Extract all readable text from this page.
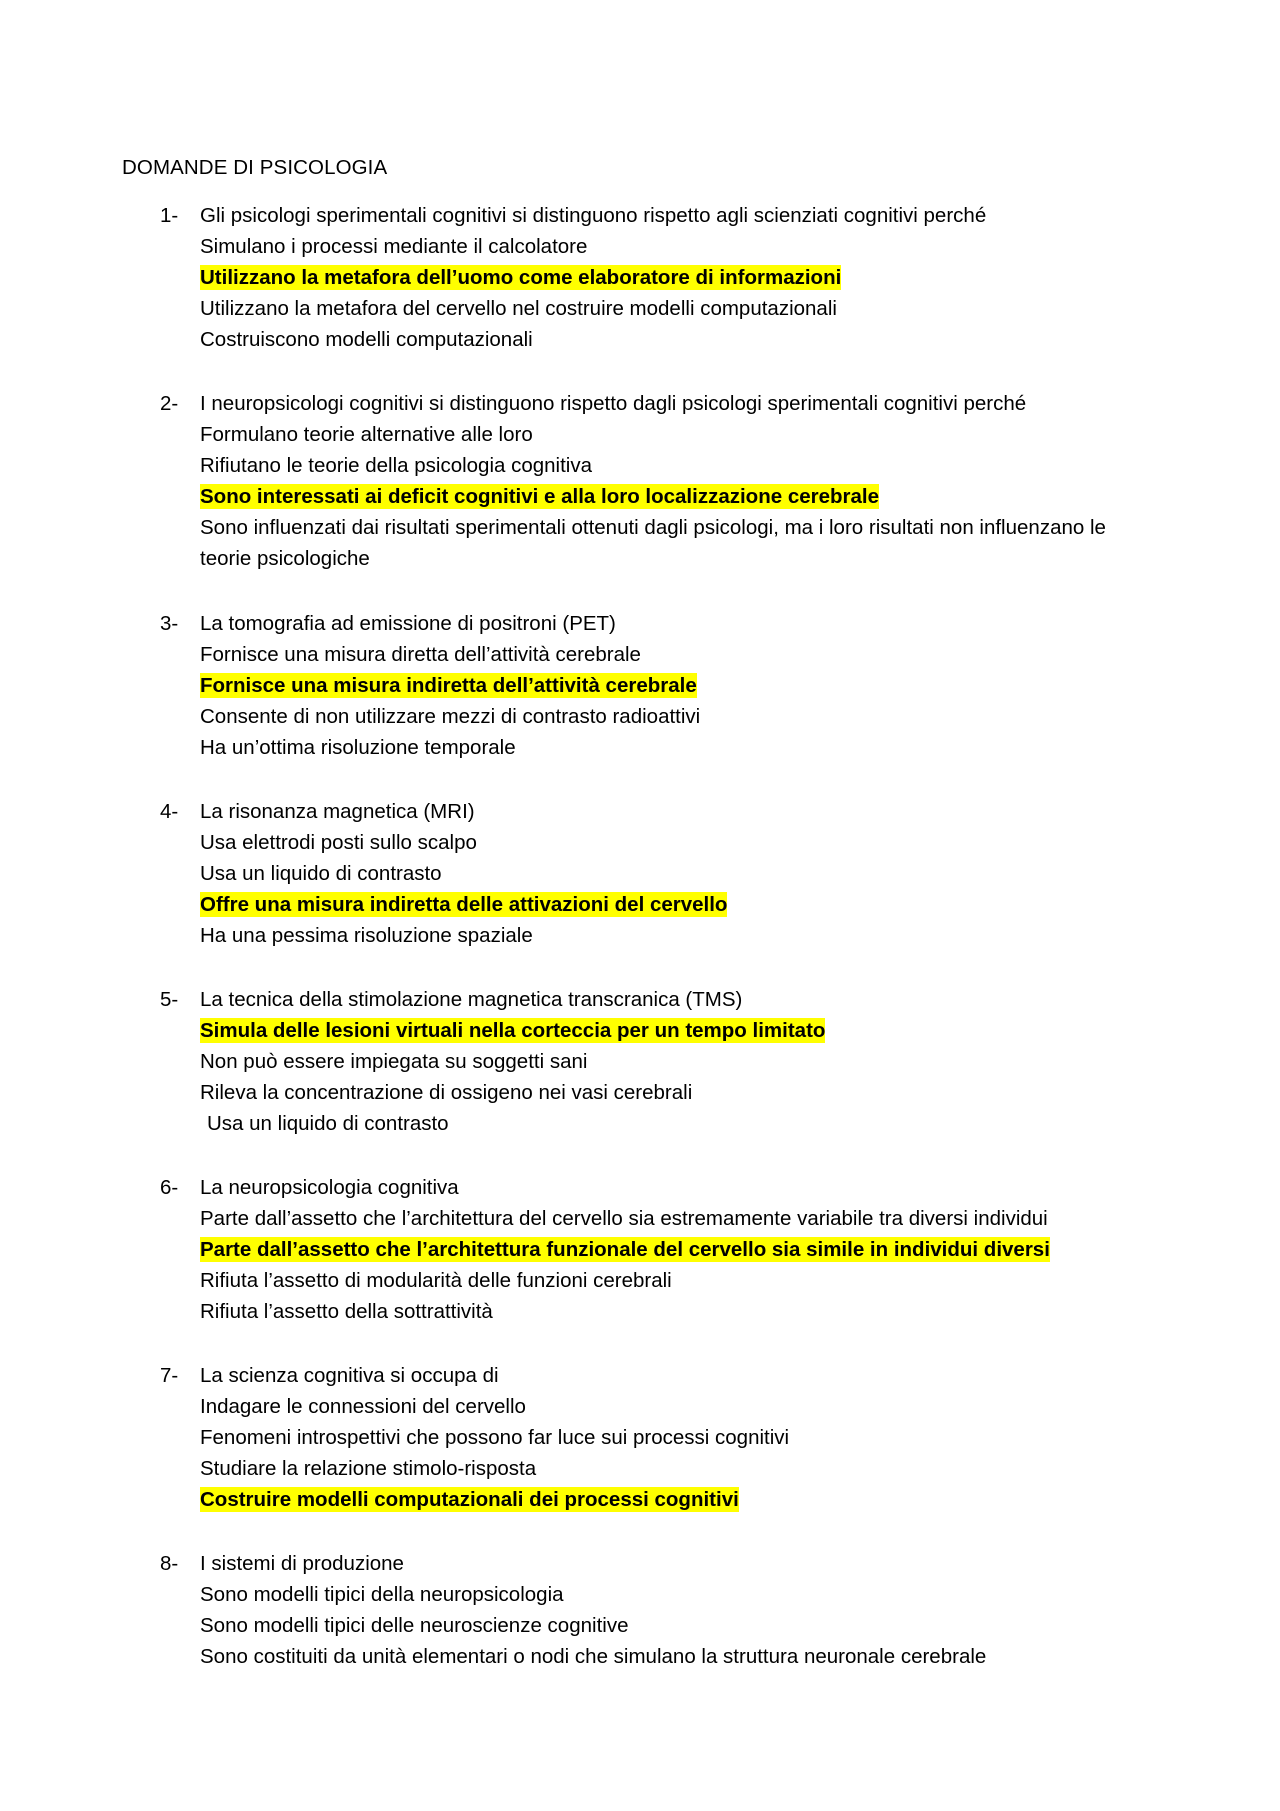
DOMANDE DI PSICOLOGIA
1- Gli psicologi sperimentali cognitivi si distinguono rispetto agli scienziati cognitivi perché
Simulano i processi mediante il calcolatore
Utilizzano la metafora dell’uomo come elaboratore di informazioni
Utilizzano la metafora del cervello nel costruire modelli computazionali
Costruiscono modelli computazionali
2- I neuropsicologi cognitivi si distinguono rispetto dagli psicologi sperimentali cognitivi perché
Formulano teorie alternative alle loro
Rifiutano le teorie della psicologia cognitiva
Sono interessati ai deficit cognitivi e alla loro localizzazione cerebrale
Sono influenzati dai risultati sperimentali ottenuti dagli psicologi, ma i loro risultati non influenzano le teorie psicologiche
3- La tomografia ad emissione di positroni (PET)
Fornisce una misura diretta dell’attività cerebrale
Fornisce una misura indiretta dell’attività cerebrale
Consente di non utilizzare mezzi di contrasto radioattivi
Ha un’ottima risoluzione temporale
4- La risonanza magnetica (MRI)
Usa elettrodi posti sullo scalpo
Usa un liquido di contrasto
Offre una misura indiretta delle attivazioni del cervello
Ha una pessima risoluzione spaziale
5- La tecnica della stimolazione magnetica transcranica (TMS)
Simula delle lesioni virtuali nella corteccia per un tempo limitato
Non può essere impiegata su soggetti sani
Rileva la concentrazione di ossigeno nei vasi cerebrali
Usa un liquido di contrasto
6- La neuropsicologia cognitiva
Parte dall’assetto che l’architettura del cervello sia estremamente variabile tra diversi individui
Parte dall’assetto che l’architettura funzionale del cervello sia simile in individui diversi
Rifiuta l’assetto di modularità delle funzioni cerebrali
Rifiuta l’assetto della sottrattività
7- La scienza cognitiva si occupa di
Indagare le connessioni del cervello
Fenomeni introspettivi che possono far luce sui processi cognitivi
Studiare la relazione stimolo-risposta
Costruire modelli computazionali dei processi cognitivi
8- I sistemi di produzione
Sono modelli tipici della neuropsicologia
Sono modelli tipici delle neuroscienze cognitive
Sono costituiti da unità elementari o nodi che simulano la struttura neuronale cerebrale
